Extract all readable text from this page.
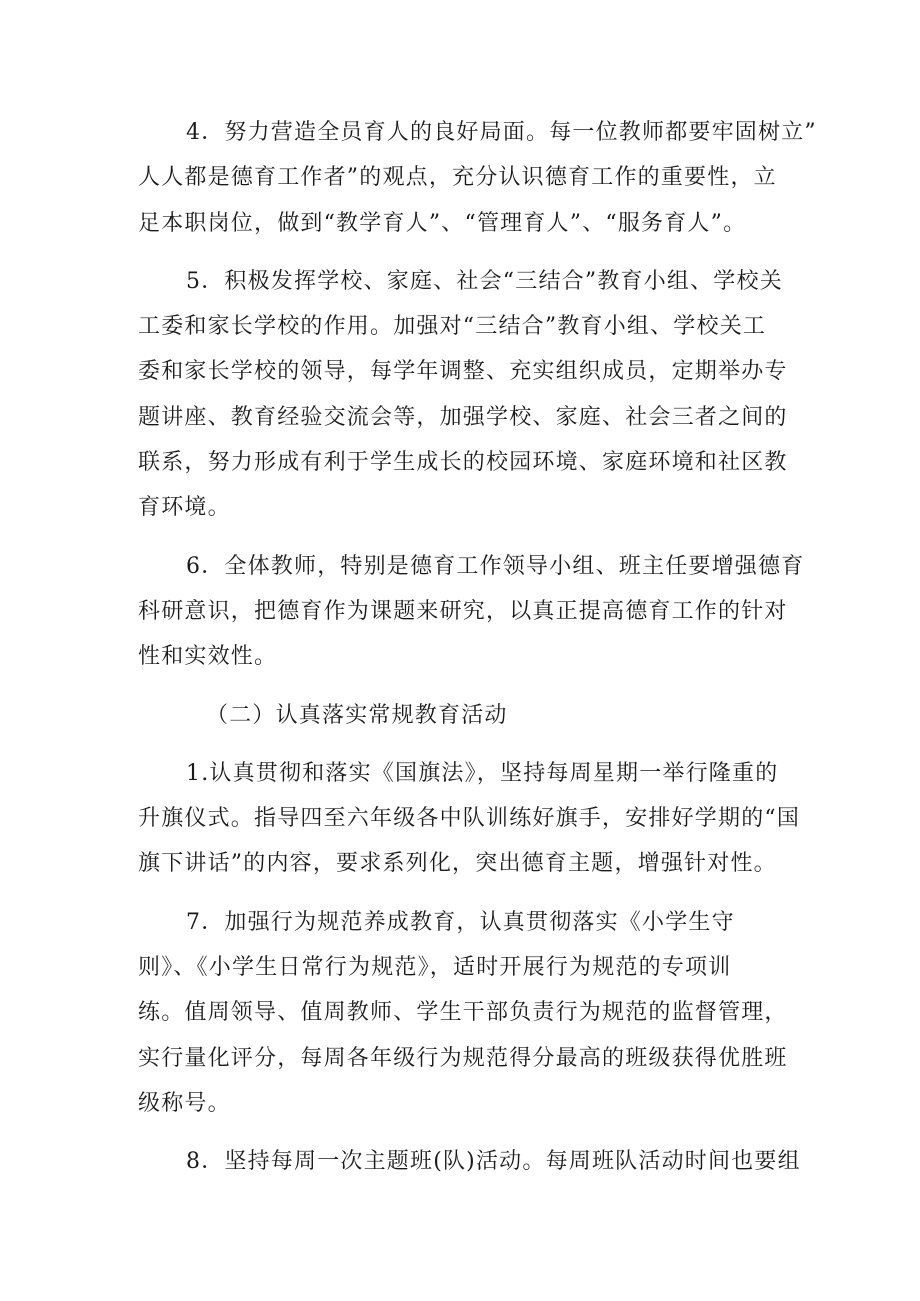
4．努力营造全员育人的良好局面。每一位教师都要牢固树立”
人人都是德育工作者”的观点，充分认识德育工作的重要性，立
足本职岗位，做到“教学育人”、“管理育人”、“服务育人”。
5．积极发挥学校、家庭、社会“三结合”教育小组、学校关
工委和家长学校的作用。加强对“三结合”教育小组、学校关工
委和家长学校的领导，每学年调整、充实组织成员，定期举办专
题讲座、教育经验交流会等，加强学校、家庭、社会三者之间的
联系，努力形成有利于学生成长的校园环境、家庭环境和社区教
育环境。
6．全体教师，特别是德育工作领导小组、班主任要增强德育
科研意识，把德育作为课题来研究，以真正提高德育工作的针对
性和实效性。
（二）认真落实常规教育活动
1.认真贯彻和落实《国旗法》，坚持每周星期一举行隆重的
升旗仪式。指导四至六年级各中队训练好旗手，安排好学期的“国
旗下讲话”的内容，要求系列化，突出德育主题，增强针对性。
7．加强行为规范养成教育，认真贯彻落实《小学生守
则》、《小学生日常行为规范》，适时开展行为规范的专项训
练。值周领导、值周教师、学生干部负责行为规范的监督管理，
实行量化评分，每周各年级行为规范得分最高的班级获得优胜班
级称号。
8．坚持每周一次主题班(队)活动。每周班队活动时间也要组
